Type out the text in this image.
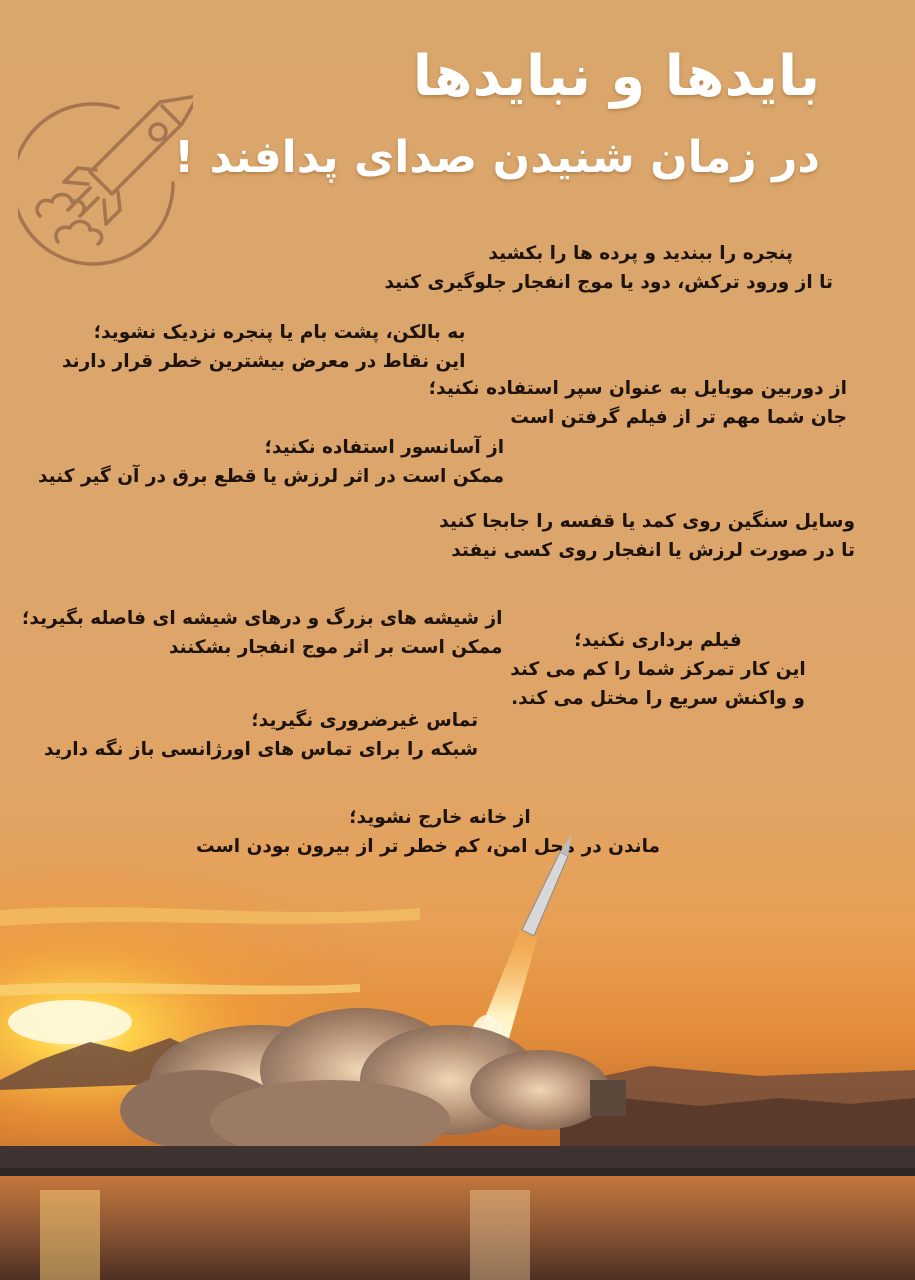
بایدها و نبایدها
در زمان شنیدن صدای پدافند !
پنجره را ببندید و پرده ها را بکشید
تا از ورود ترکش، دود یا موج انفجار جلوگیری کنید
به بالکن، پشت بام یا پنجره نزدیک نشوید؛
این نقاط در معرض بیشترین خطر قرار دارند
از دوربین موبایل به عنوان سپر استفاده نکنید؛
جان شما مهم تر از فیلم گرفتن است
از آسانسور استفاده نکنید؛
ممکن است در اثر لرزش یا قطع برق در آن گیر کنید
وسایل سنگین روی کمد یا قفسه را جابجا کنید
تا در صورت لرزش یا انفجار روی کسی نیفتد
از شیشه های بزرگ و درهای شیشه ای فاصله بگیرید؛
ممکن است بر اثر موج انفجار بشکنند	فیلم برداری نکنید؛
این کار تمرکز شما را کم می کند
و واکنش سریع را مختل می کند.
تماس غیرضروری نگیرید؛
شبکه را برای تماس های اورژانسی باز نگه دارید
